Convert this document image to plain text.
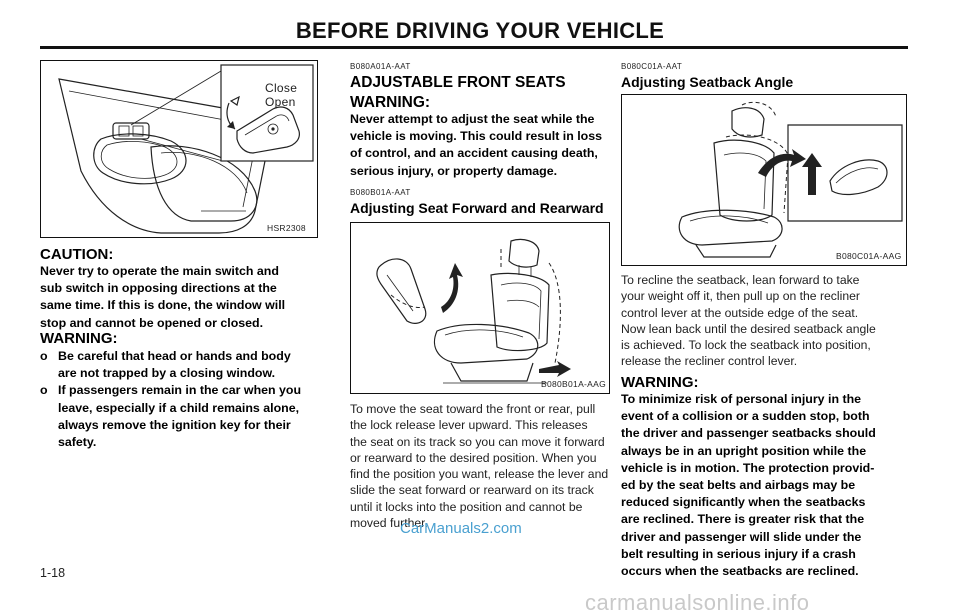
BEFORE DRIVING YOUR VEHICLE
Close
Open
HSR2308
CAUTION:
Never try to operate the main switch and
sub switch in opposing directions at the
same time. If this is done, the window will
stop and cannot be opened or closed.
WARNING:
o Be careful that head or hands and body
are not trapped by a closing window.
o If passengers remain in the car when you
leave, especially if a child remains alone,
always remove the ignition key for their
safety.
B080A01A-AAT
ADJUSTABLE FRONT SEATS
WARNING:
Never attempt to adjust the seat while the
vehicle is moving. This could result in loss
of control, and an accident causing death,
serious injury, or property damage.
B080B01A-AAT
Adjusting Seat Forward and Rearward
B080B01A-AAG
To move the seat toward the front or rear, pull
the lock release lever upward. This releases
the seat on its track so you can move it forward
or rearward to the desired position. When you
find the position you want, release the lever and
slide the seat forward or rearward on its track
until it locks into the position and cannot be
moved further.
B080C01A-AAT
Adjusting Seatback Angle
B080C01A-AAG
To recline the seatback, lean forward to take
your weight off it, then pull up on the recliner
control lever at the outside edge of the seat.
Now lean back until the desired seatback angle
is achieved. To lock the seatback into position,
release the recliner control lever.
WARNING:
To minimize risk of personal injury in the
event of a collision or a sudden stop, both
the driver and passenger seatbacks should
always be in an upright position while the
vehicle is in motion. The protection provid-
ed by the seat belts and airbags may be
reduced significantly when the seatbacks
are reclined. There is greater risk that the
driver and passenger will slide under the
belt resulting in serious injury if a crash
occurs when the seatbacks are reclined.
1-18
CarManuals2.com
carmanualsonline.info
